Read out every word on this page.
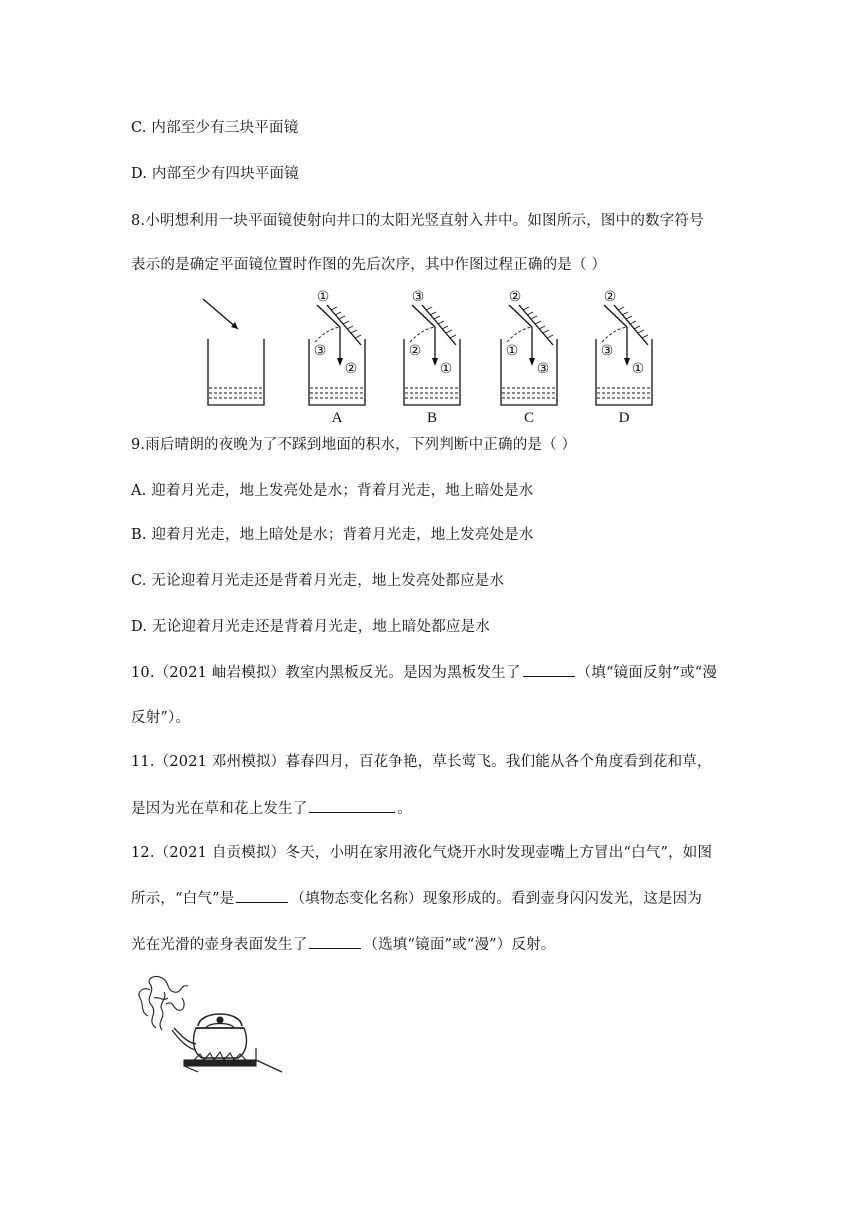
C. 内部至少有三块平面镜
D. 内部至少有四块平面镜
8.小明想利用一块平面镜使射向井口的太阳光竖直射入井中。如图所示，图中的数字符号
表示的是确定平面镜位置时作图的先后次序，其中作图过程正确的是（ ）
①
③
②
A
③
②
①
B
②
①
③
C
②
③
①
D
9.雨后晴朗的夜晚为了不踩到地面的积水，下列判断中正确的是（ ）
A. 迎着月光走，地上发亮处是水；背着月光走，地上暗处是水
B. 迎着月光走，地上暗处是水；背着月光走，地上发亮处是水
C. 无论迎着月光走还是背着月光走，地上发亮处都应是水
D. 无论迎着月光走还是背着月光走，地上暗处都应是水
10.（2021 岫岩模拟）教室内黑板反光。是因为黑板发生了	（填“镜面反射”或“漫
反射”）。
11.（2021 邓州模拟）暮春四月，百花争艳，草长莺飞。我们能从各个角度看到花和草，
是因为光在草和花上发生了	。
12.（2021 自贡模拟）冬天，小明在家用液化气烧开水时发现壶嘴上方冒出“白气”，如图
所示，“白气”是	（填物态变化名称）现象形成的。看到壶身闪闪发光，这是因为
光在光滑的壶身表面发生了	（选填“镜面”或“漫”）反射。
